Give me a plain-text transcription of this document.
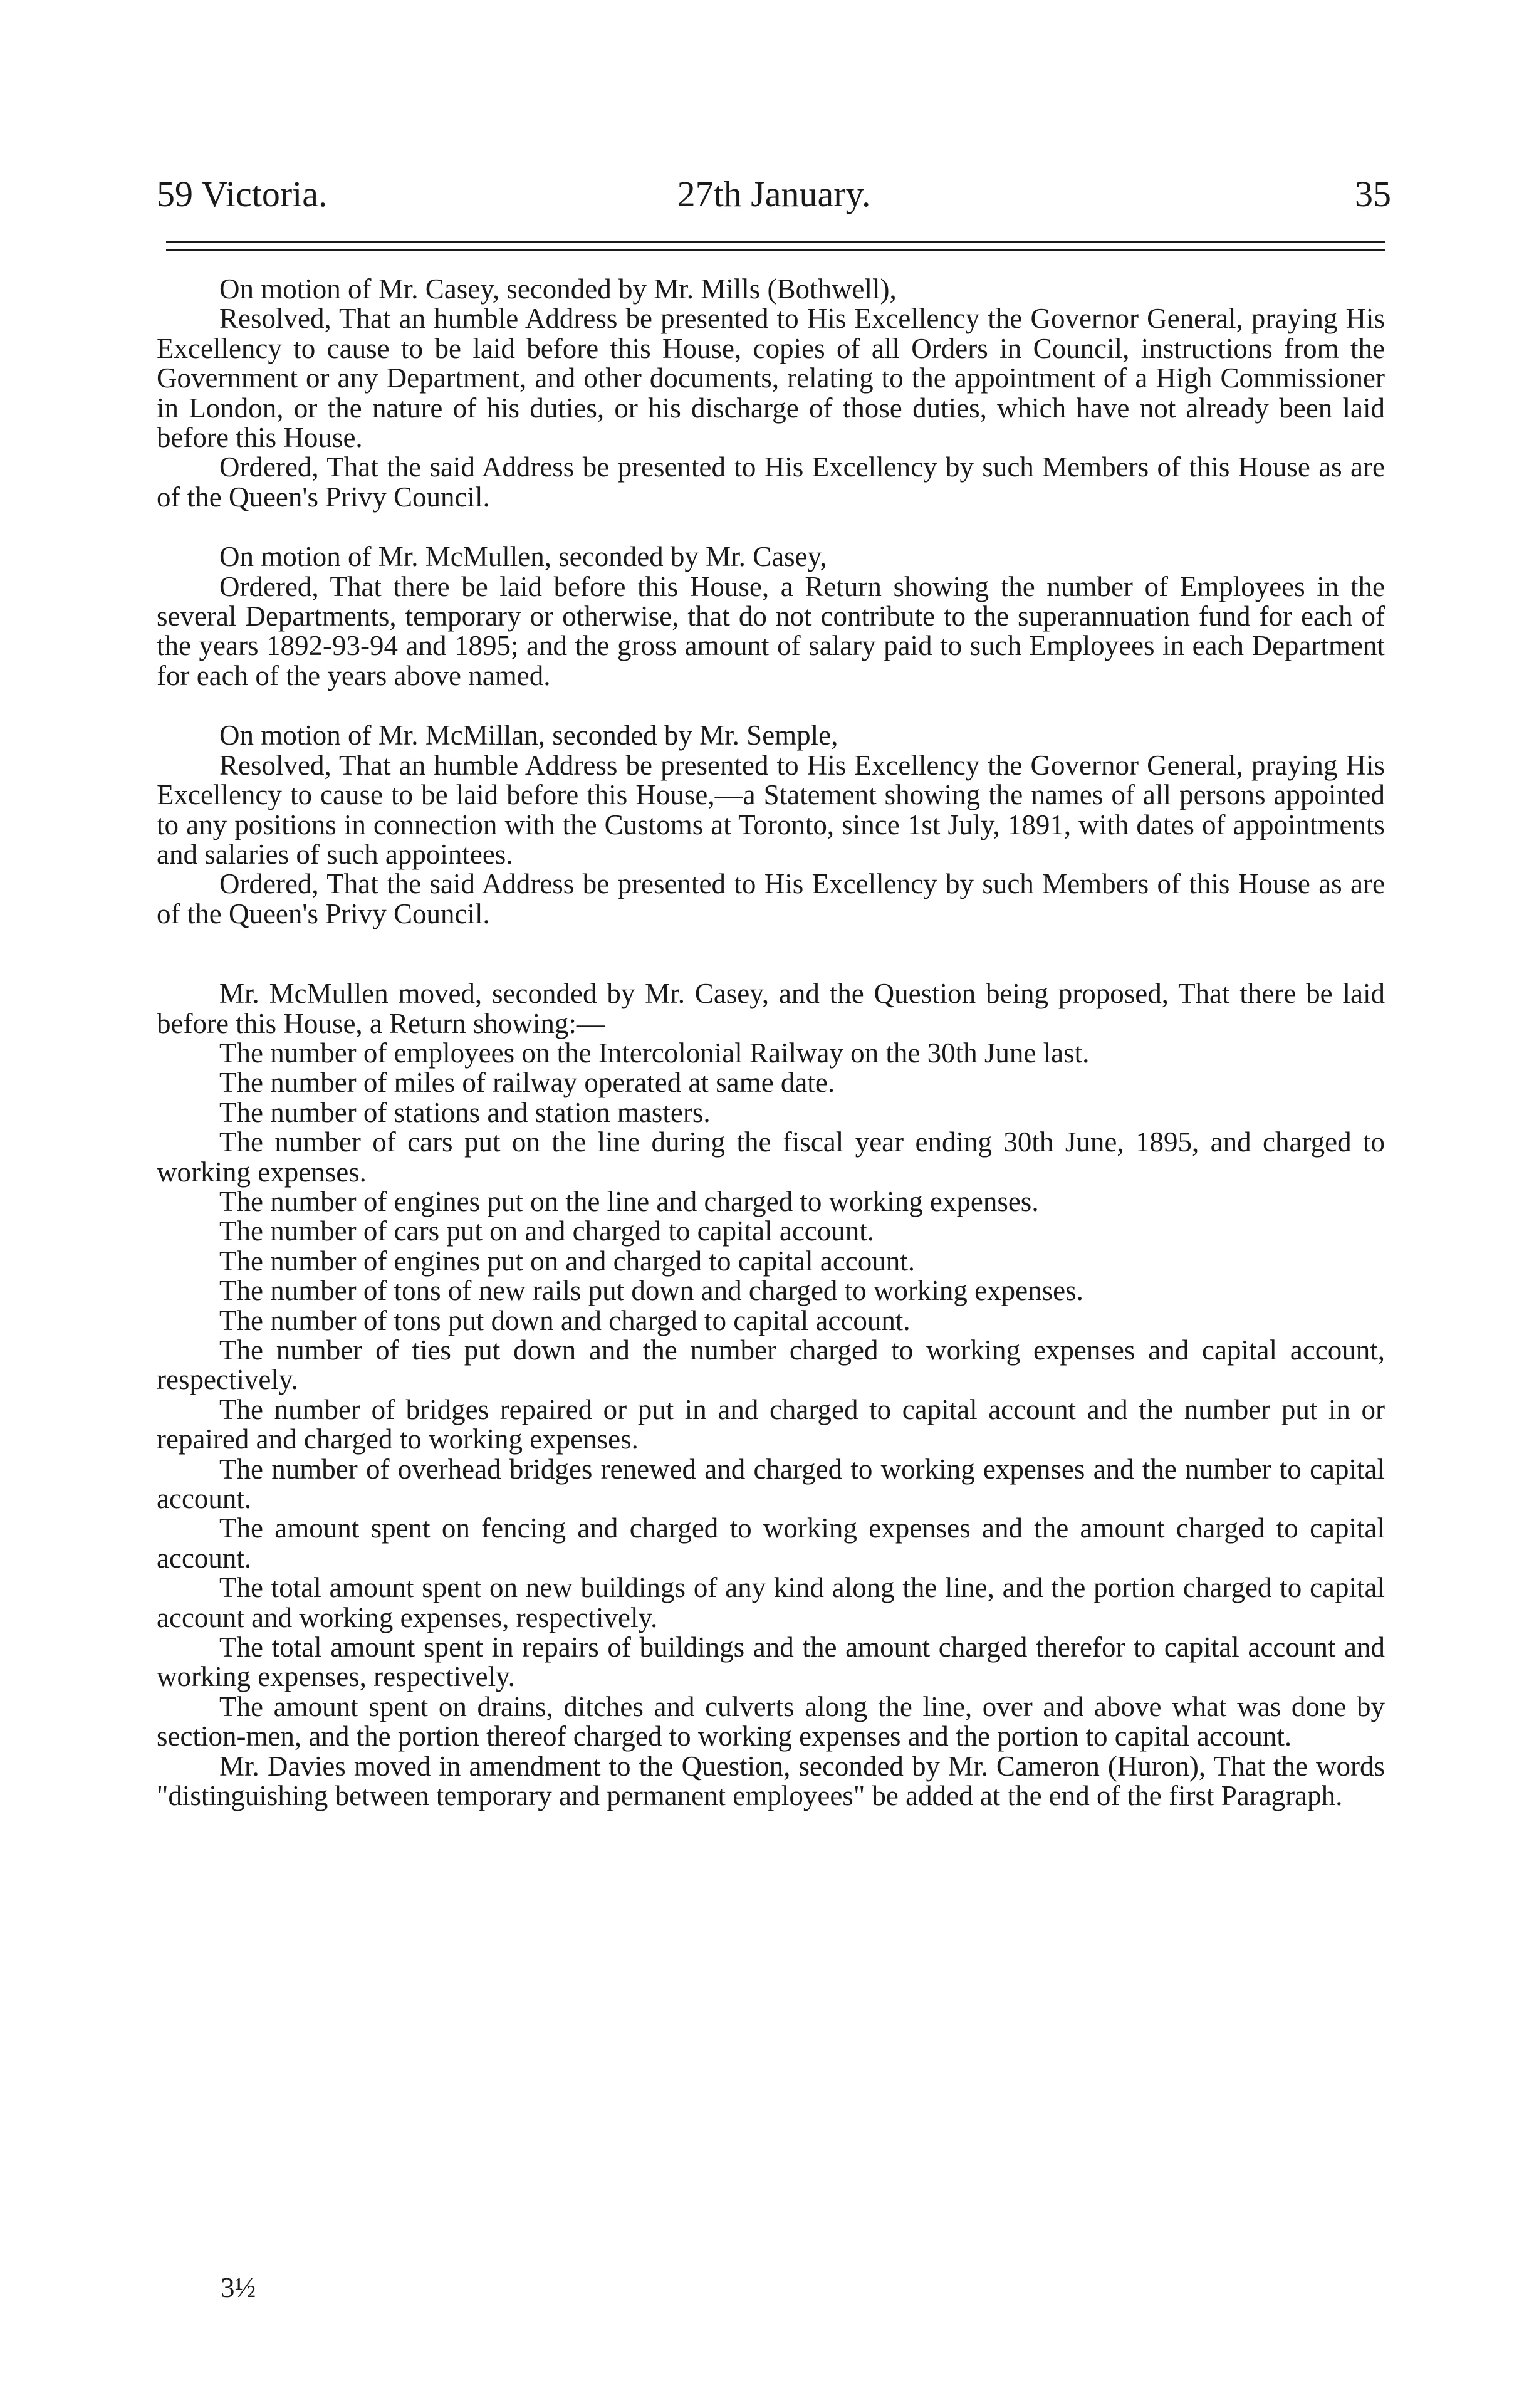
59 Victoria.	27th January.	35

On motion of Mr. Casey, seconded by Mr. Mills (Bothwell),

Resolved, That an humble Address be presented to His Excellency the Governor General, praying His Excellency to cause to be laid before this House, copies of all Orders in Council, instructions from the Government or any Department, and other documents, relating to the appointment of a High Commissioner in London, or the nature of his duties, or his discharge of those duties, which have not already been laid before this House.

Ordered, That the said Address be presented to His Excellency by such Members of this House as are of the Queen's Privy Council.

On motion of Mr. McMullen, seconded by Mr. Casey,

Ordered, That there be laid before this House, a Return showing the number of Employees in the several Departments, temporary or otherwise, that do not contribute to the superannuation fund for each of the years 1892-93-94 and 1895; and the gross amount of salary paid to such Employees in each Department for each of the years above named.

On motion of Mr. McMillan, seconded by Mr. Semple,

Resolved, That an humble Address be presented to His Excellency the Governor General, praying His Excellency to cause to be laid before this House,—a Statement showing the names of all persons appointed to any positions in connection with the Customs at Toronto, since 1st July, 1891, with dates of appointments and salaries of such appointees.

Ordered, That the said Address be presented to His Excellency by such Members of this House as are of the Queen's Privy Council.

Mr. McMullen moved, seconded by Mr. Casey, and the Question being proposed, That there be laid before this House, a Return showing:—

The number of employees on the Intercolonial Railway on the 30th June last.

The number of miles of railway operated at same date.

The number of stations and station masters.

The number of cars put on the line during the fiscal year ending 30th June, 1895, and charged to working expenses.

The number of engines put on the line and charged to working expenses.

The number of cars put on and charged to capital account.

The number of engines put on and charged to capital account.

The number of tons of new rails put down and charged to working expenses.

The number of tons put down and charged to capital account.

The number of ties put down and the number charged to working expenses and capital account, respectively.

The number of bridges repaired or put in and charged to capital account and the number put in or repaired and charged to working expenses.

The number of overhead bridges renewed and charged to working expenses and the number to capital account.

The amount spent on fencing and charged to working expenses and the amount charged to capital account.

The total amount spent on new buildings of any kind along the line, and the portion charged to capital account and working expenses, respectively.

The total amount spent in repairs of buildings and the amount charged therefor to capital account and working expenses, respectively.

The amount spent on drains, ditches and culverts along the line, over and above what was done by section-men, and the portion thereof charged to working expenses and the portion to capital account.

Mr. Davies moved in amendment to the Question, seconded by Mr. Cameron (Huron), That the words "distinguishing between temporary and permanent employees" be added at the end of the first Paragraph.

3½
